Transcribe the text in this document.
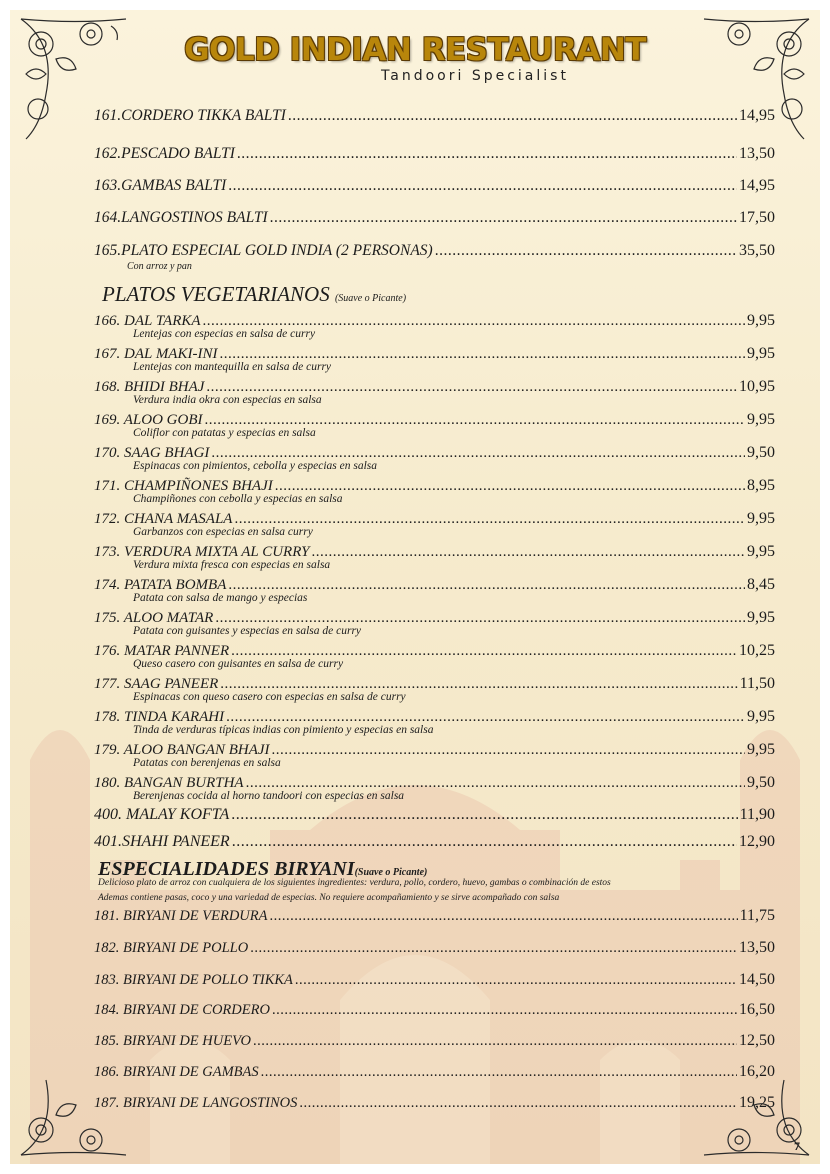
GOLD INDIAN RESTAURANT
Tandoori Specialist
161.CORDERO TIKKA BALTI .....	14,95
162.PESCADO BALTI .....	13,50
163.GAMBAS BALTI .....	14,95
164.LANGOSTINOS BALTI .....	17,50
165.PLATO ESPECIAL GOLD INDIA (2 PERSONAS) .....	35,50
Con arroz y pan
PLATOS VEGETARIANOS (Suave o Picante)
166. DAL TARKA .....	9,95
Lentejas con especias en salsa de curry
167. DAL MAKI-INI .....	9,95
Lentejas con mantequilla en salsa de curry
168. BHIDI BHAJ .....	10,95
Verdura india okra con especias en salsa
169. ALOO GOBI .....	9,95
Coliflor con patatas y especias en salsa
170. SAAG BHAGI .....	9,50
Espinacas con pimientos, cebolla y especias en salsa
171. CHAMPIÑONES BHAJI .....	8,95
Champiñones con cebolla y especias en salsa
172. CHANA MASALA .....	9,95
Garbanzos con especias en salsa curry
173. VERDURA MIXTA AL CURRY .....	9,95
Verdura mixta fresca con especias en salsa
174. PATATA BOMBA .....	8,45
Patata con salsa de mango y especias
175. ALOO MATAR .....	9,95
Patata con guisantes y especias en salsa de curry
176. MATAR PANNER .....	10,25
Queso casero con guisantes en salsa de curry
177. SAAG PANEER .....	11,50
Espinacas con queso casero con especias en salsa de curry
178. TINDA KARAHI .....	9,95
Tinda de verduras típicas indias con pimiento y especias en salsa
179. ALOO BANGAN BHAJI .....	9,95
Patatas con berenjenas en salsa
180. BANGAN BURTHA .....	9,50
Berenjenas cocida al horno tandoori con especias en salsa
400. MALAY KOFTA .....	11,90
401.SHAHI PANEER .....	12,90
ESPECIALIDADES BIRYANI(Suave o Picante)
Delicioso plato de arroz con cualquiera de los siguientes ingredientes: verdura, pollo, cordero, huevo, gambas o combinación de estos
Ademas contiene pasas, coco y una variedad de especias. No requiere acompañamiento y se sirve acompañado con salsa
181. BIRYANI DE VERDURA .....	11,75
182. BIRYANI DE POLLO .....	13,50
183. BIRYANI DE POLLO TIKKA .....	14,50
184. BIRYANI DE CORDERO .....	16,50
185. BIRYANI DE HUEVO .....	12,50
186. BIRYANI DE GAMBAS .....	16,20
187. BIRYANI DE LANGOSTINOS .....	19,25
7
